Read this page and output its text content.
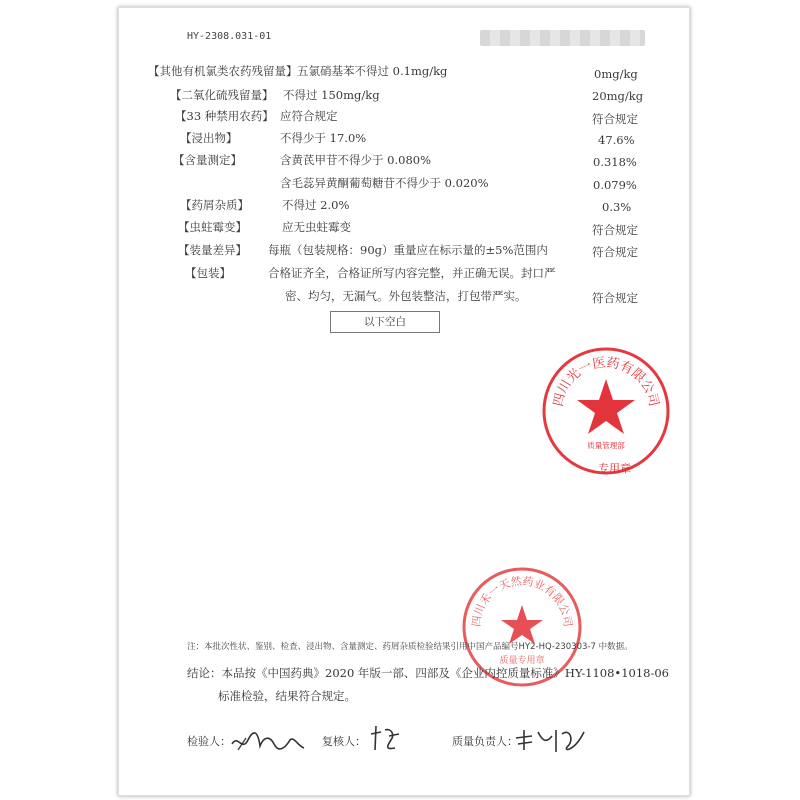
HY-2308.031-01
【其他有机氯类农药残留量】 五氯硝基苯不得过 0.1mg/kg	0mg/kg
【二氧化硫残留量】 不得过 150mg/kg	20mg/kg
【33 种禁用农药】 应符合规定	符合规定
【浸出物】	不得少于 17.0%	47.6%
【含量测定】	含黄芪甲苷不得少于 0.080%	0.318%
含毛蕊异黄酮葡萄糖苷不得少于 0.020%	0.079%
【药屑杂质】	不得过 2.0%	0.3%
【虫蛀霉变】	应无虫蛀霉变	符合规定
【装量差异】 每瓶（包装规格：90g）重量应在标示量的±5%范围内	符合规定
【包装】	合格证齐全，合格证所写内容完整，并正确无误。封口严
密、均匀，无漏气。外包装整洁，打包带严实。	符合规定
以下空白
四川光一医药有限公司
质量管理部
专用章
四川禾一天然药业有限公司
质量专用章
注：本批次性状、鉴别、检查、浸出物、含量测定、药屑杂质检验结果引用中国产品编号HY2-HQ-230303-7 中数据。
结论：本品按《中国药典》2020 年版一部、四部及《企业内控质量标准》HY-1108•1018-06
标准检验，结果符合规定。
检验人：	复核人：	质量负责人：
